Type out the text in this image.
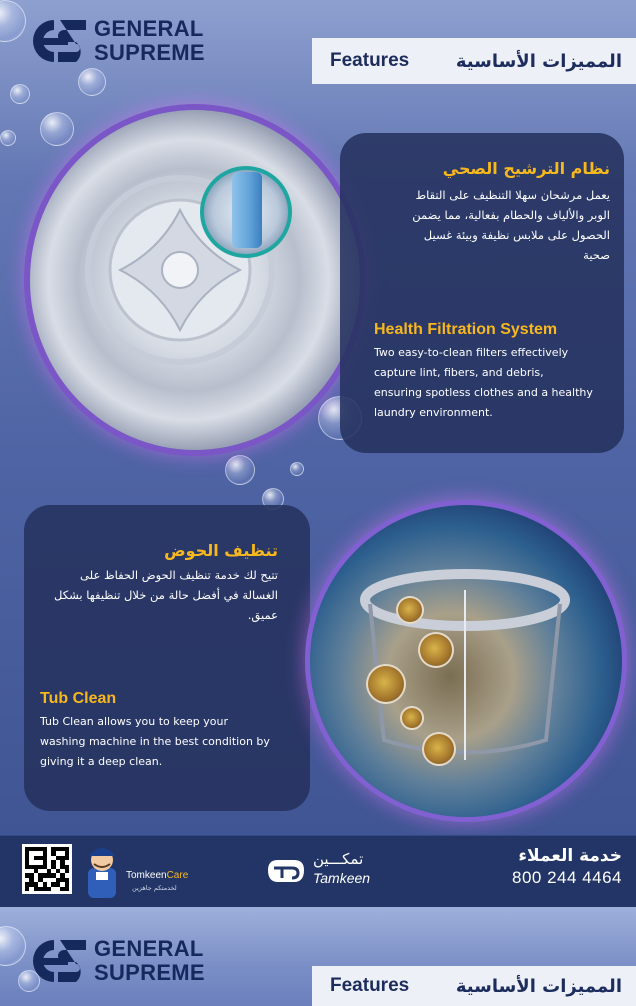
GENERAL
SUPREME	Features	المميزات الأساسية
نظام الترشيح الصحي
يعمل مرشحان سهلا التنظيف على التقاط
الوبر والألياف والحطام بفعالية، مما يضمن
الحصول على ملابس نظيفة وبيئة غسيل
صحية
Health Filtration System
Two easy-to-clean filters effectively
capture lint, fibers, and debris,
ensuring spotless clothes and a healthy
laundry environment.
تنظيف الحوض
تتيح لك خدمة تنظيف الحوض الحفاظ على
الغسالة في أفضل حالة من خلال تنظيفها بشكل
عميق.
Tub Clean
Tub Clean allows you to keep your
washing machine in the best condition by
giving it a deep clean.
TomkeenCare
لخدمتكم جاهزين
تمكـــين
Tamkeen
خدمة العملاء
800 244 4464
GENERAL
SUPREME
Features	المميزات الأساسية
